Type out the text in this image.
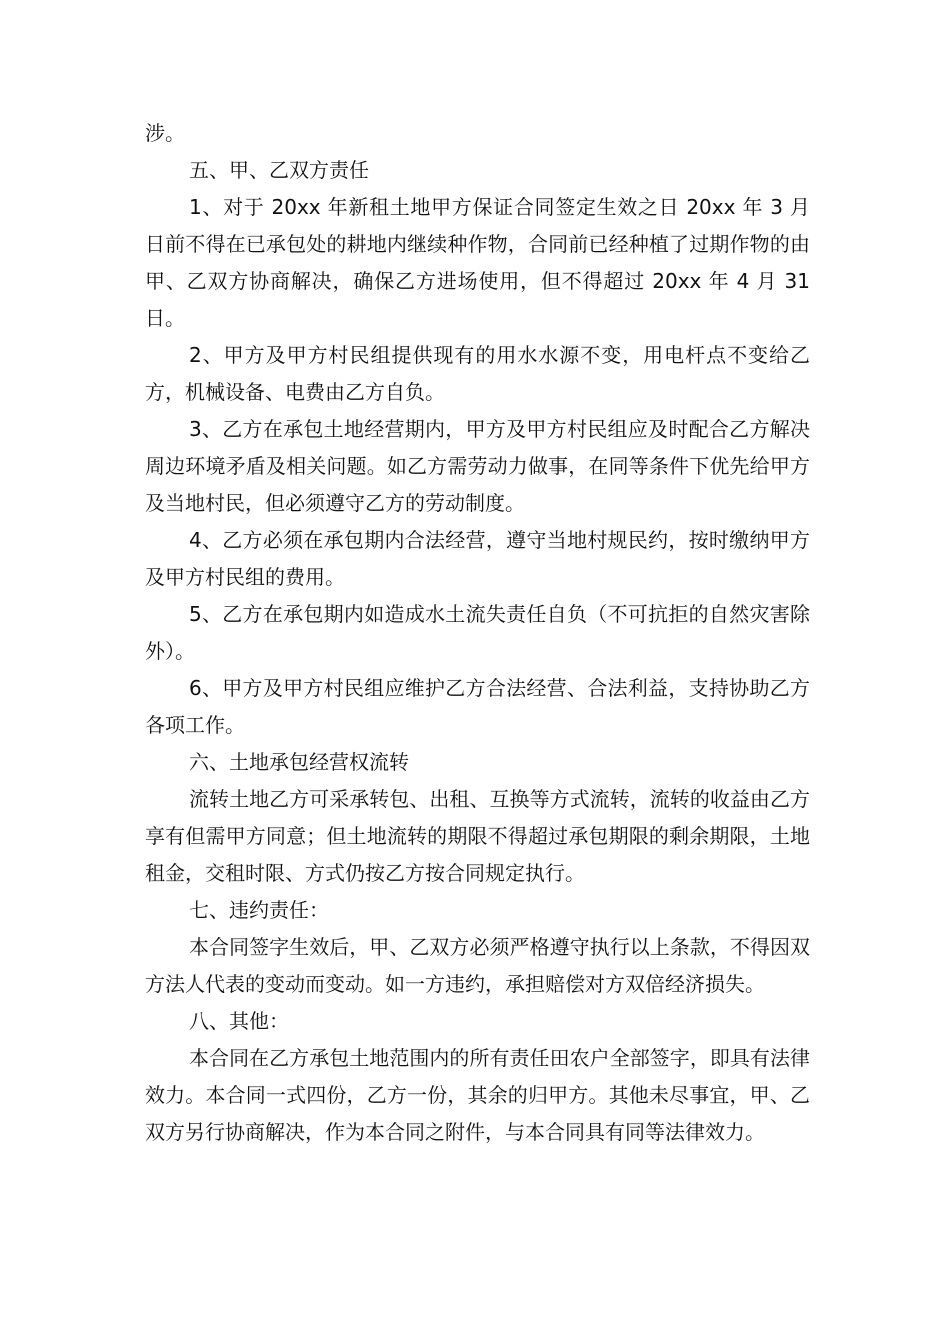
涉。

五、甲、乙双方责任

1、对于 20xx 年新租土地甲方保证合同签定生效之日 20xx 年 3 月 日前不得在已承包处的耕地内继续种作物，合同前已经种植了过期作物的由甲、乙双方协商解决，确保乙方进场使用，但不得超过 20xx 年 4 月 31 日。

2、甲方及甲方村民组提供现有的用水水源不变，用电杆点不变给乙方，机械设备、电费由乙方自负。

3、乙方在承包土地经营期内，甲方及甲方村民组应及时配合乙方解决周边环境矛盾及相关问题。如乙方需劳动力做事，在同等条件下优先给甲方及当地村民，但必须遵守乙方的劳动制度。

4、乙方必须在承包期内合法经营，遵守当地村规民约，按时缴纳甲方及甲方村民组的费用。

5、乙方在承包期内如造成水土流失责任自负（不可抗拒的自然灾害除外）。

6、甲方及甲方村民组应维护乙方合法经营、合法利益，支持协助乙方各项工作。

六、土地承包经营权流转

流转土地乙方可采承转包、出租、互换等方式流转，流转的收益由乙方享有但需甲方同意；但土地流转的期限不得超过承包期限的剩余期限，土地租金，交租时限、方式仍按乙方按合同规定执行。

七、违约责任：

本合同签字生效后，甲、乙双方必须严格遵守执行以上条款，不得因双方法人代表的变动而变动。如一方违约，承担赔偿对方双倍经济损失。

八、其他：

本合同在乙方承包土地范围内的所有责任田农户全部签字，即具有法律效力。本合同一式四份，乙方一份，其余的归甲方。其他未尽事宜，甲、乙双方另行协商解决，作为本合同之附件，与本合同具有同等法律效力。
